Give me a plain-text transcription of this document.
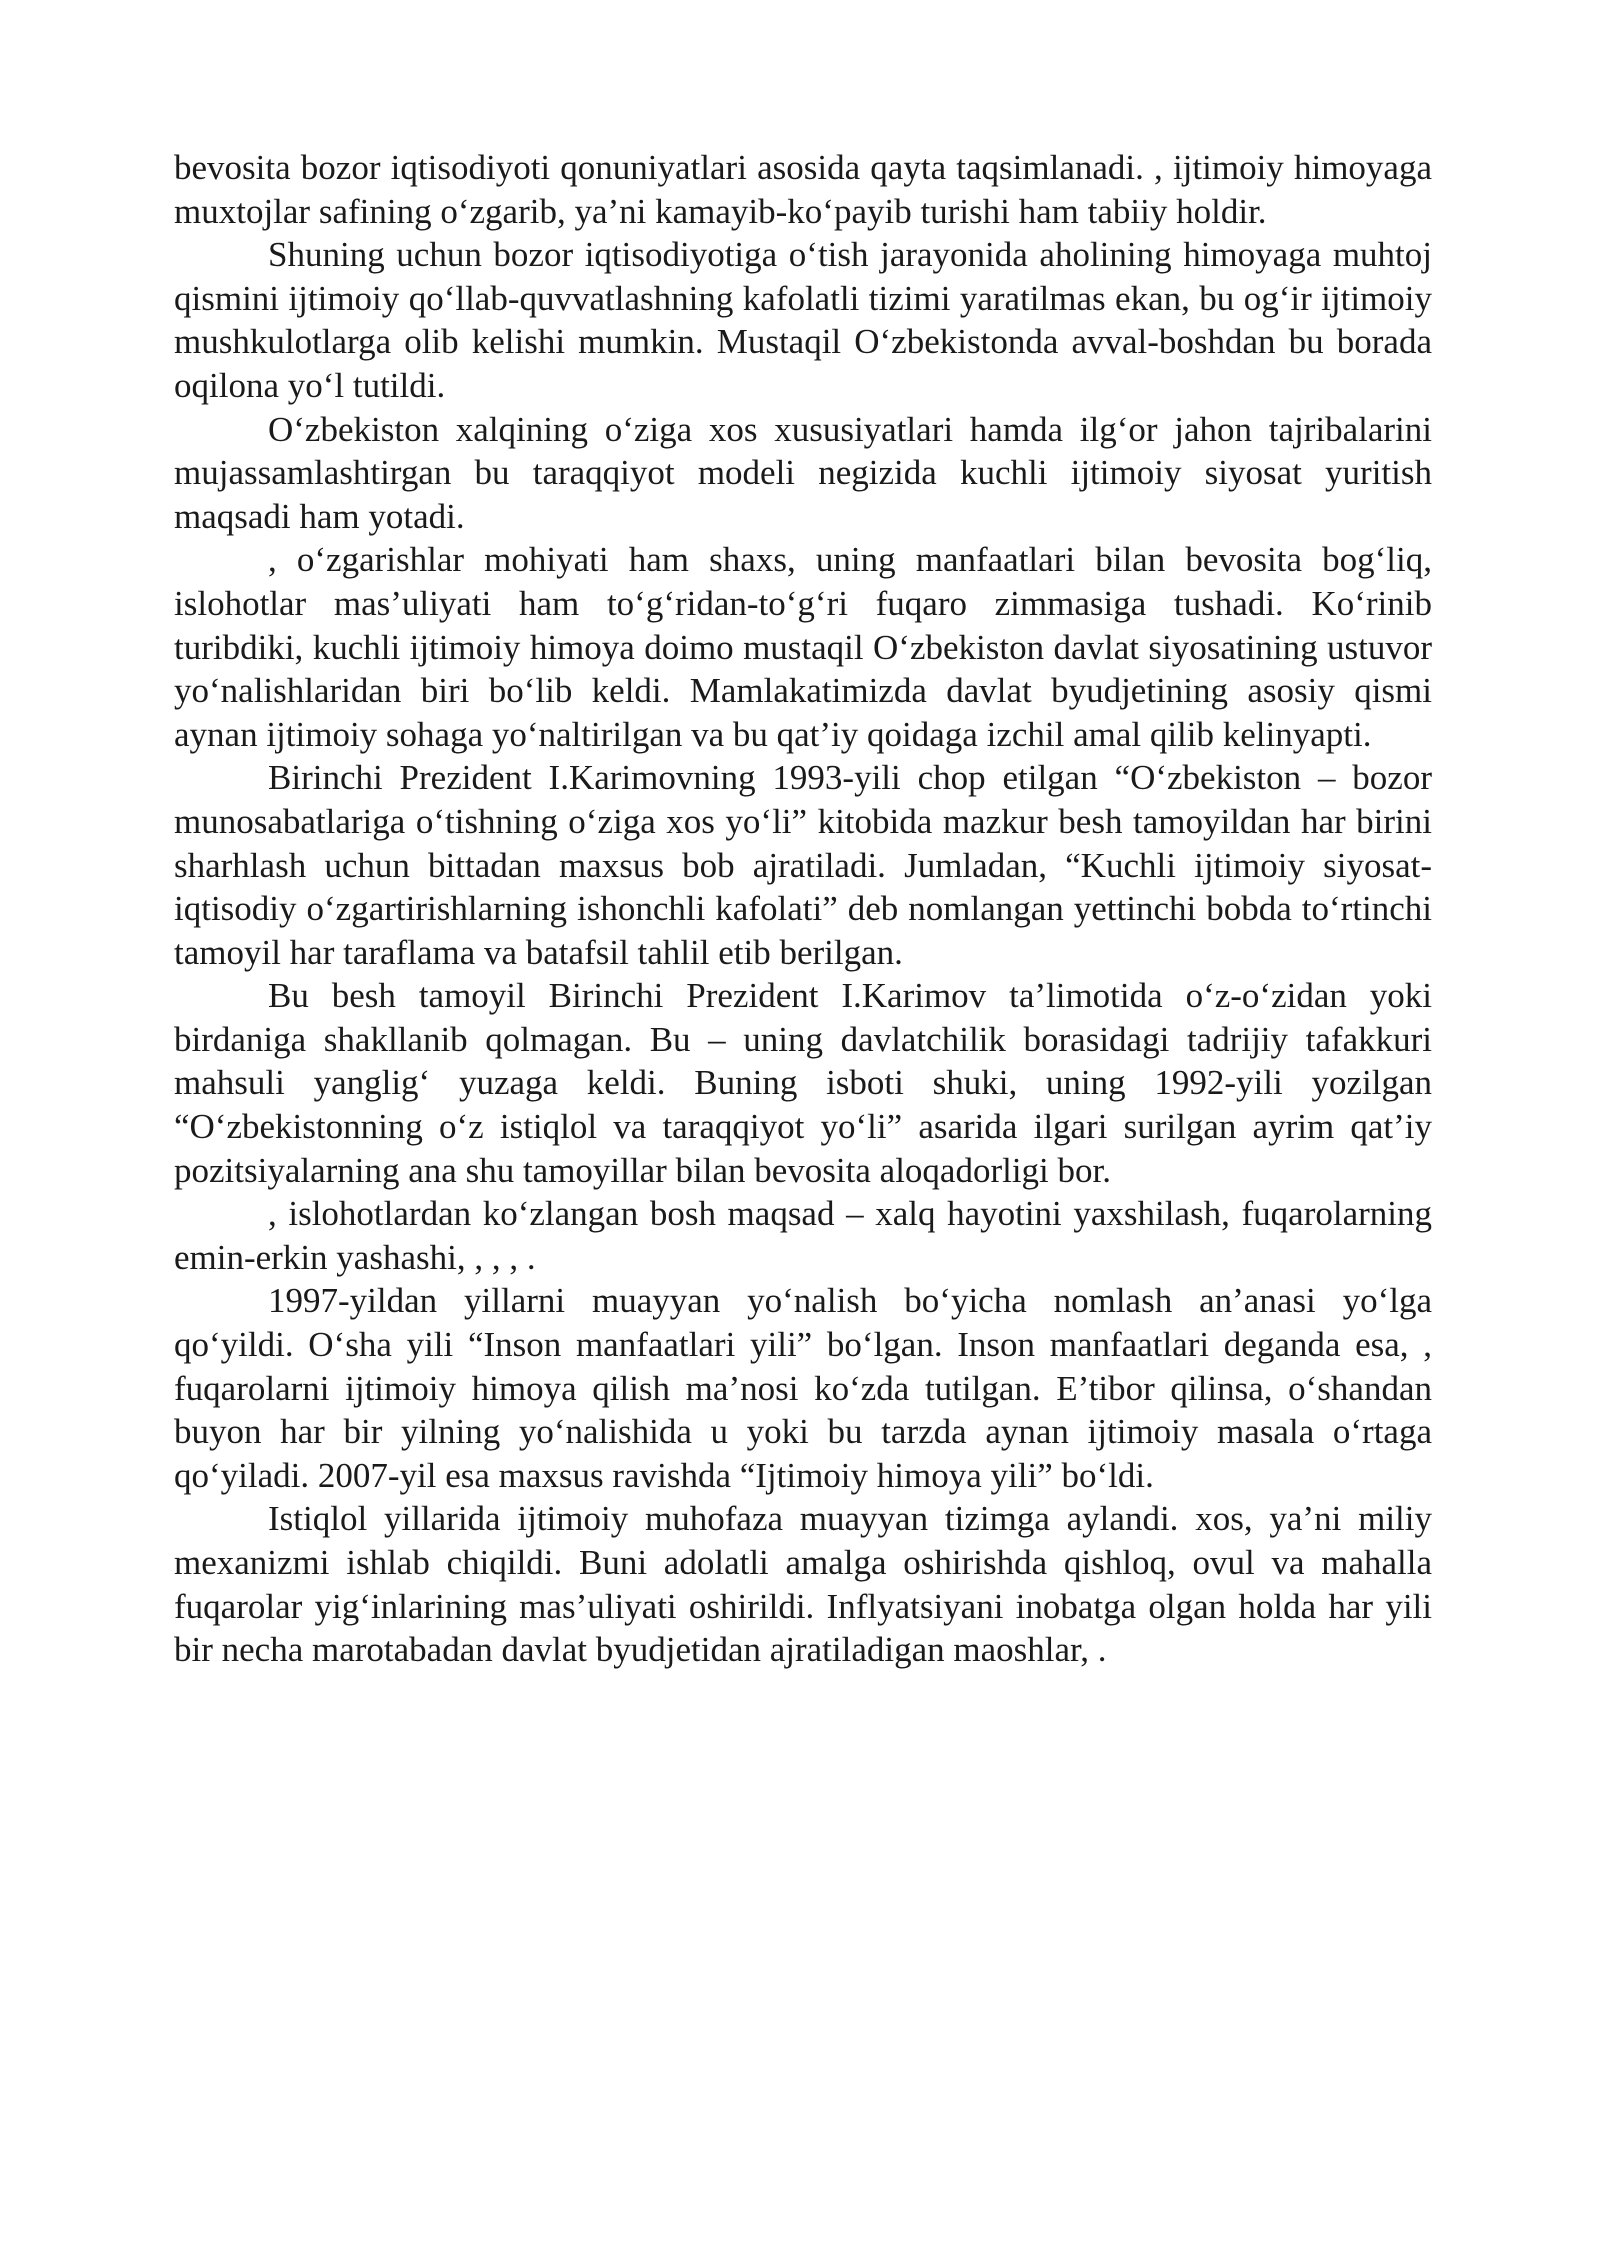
bevosita bozor iqtisodiyoti qonuniyatlari asosida qayta taqsimlanadi. , ijtimoiy himoyaga muxtojlar safining o‘zgarib, ya’ni kamayib-ko‘payib turishi ham tabiiy holdir.

Shuning uchun bozor iqtisodiyotiga o‘tish jarayonida aholining himoyaga muhtoj qismini ijtimoiy qo‘llab-quvvatlashning kafolatli tizimi yaratilmas ekan, bu og‘ir ijtimoiy mushkulotlarga olib kelishi mumkin. Mustaqil O‘zbekistonda avval-boshdan bu borada oqilona yo‘l tutildi.

O‘zbekiston xalqining o‘ziga xos xususiyatlari hamda ilg‘or jahon tajribalarini mujassamlashtirgan bu taraqqiyot modeli negizida kuchli ijtimoiy siyosat yuritish maqsadi ham yotadi.

, o‘zgarishlar mohiyati ham shaxs, uning manfaatlari bilan bevosita bog‘liq, islohotlar mas’uliyati ham to‘g‘ridan-to‘g‘ri fuqaro zimmasiga tushadi. Ko‘rinib turibdiki, kuchli ijtimoiy himoya doimo mustaqil O‘zbekiston davlat siyosatining ustuvor yo‘nalishlaridan biri bo‘lib keldi. Mamlakatimizda davlat byudjetining asosiy qismi aynan ijtimoiy sohaga yo‘naltirilgan va bu qat’iy qoidaga izchil amal qilib kelinyapti.

Birinchi Prezident I.Karimovning 1993-yili chop etilgan “O‘zbekiston – bozor munosabatlariga o‘tishning o‘ziga xos yo‘li” kitobida mazkur besh tamoyildan har birini sharhlash uchun bittadan maxsus bob ajratiladi. Jumladan, “Kuchli ijtimoiy siyosat-iqtisodiy o‘zgartirishlarning ishonchli kafolati” deb nomlangan yettinchi bobda to‘rtinchi tamoyil har taraflama va batafsil tahlil etib berilgan.

Bu besh tamoyil Birinchi Prezident I.Karimov ta’limotida o‘z-o‘zidan yoki birdaniga shakllanib qolmagan. Bu – uning davlatchilik borasidagi tadrijiy tafakkuri mahsuli yanglig‘ yuzaga keldi. Buning isboti shuki, uning 1992-yili yozilgan “O‘zbekistonning o‘z istiqlol va taraqqiyot yo‘li” asarida ilgari surilgan ayrim qat’iy pozitsiyalarning ana shu tamoyillar bilan bevosita aloqadorligi bor.

, islohotlardan ko‘zlangan bosh maqsad – xalq hayotini yaxshilash, fuqarolarning emin-erkin yashashi, , , , .

1997-yildan yillarni muayyan yo‘nalish bo‘yicha nomlash an’anasi yo‘lga qo‘yildi. O‘sha yili “Inson manfaatlari yili” bo‘lgan. Inson manfaatlari deganda esa, , fuqarolarni ijtimoiy himoya qilish ma’nosi ko‘zda tutilgan. E’tibor qilinsa, o‘shandan buyon har bir yilning yo‘nalishida u yoki bu tarzda aynan ijtimoiy masala o‘rtaga qo‘yiladi. 2007-yil esa maxsus ravishda “Ijtimoiy himoya yili” bo‘ldi.

Istiqlol yillarida ijtimoiy muhofaza muayyan tizimga aylandi. xos, ya’ni miliy mexanizmi ishlab chiqildi. Buni adolatli amalga oshirishda qishloq, ovul va mahalla fuqarolar yig‘inlarining mas’uliyati oshirildi. Inflyatsiyani inobatga olgan holda har yili bir necha marotabadan davlat byudjetidan ajratiladigan maoshlar, .
